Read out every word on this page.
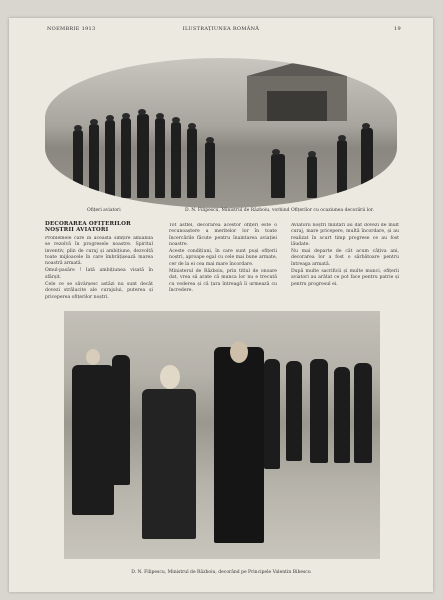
NOEMBRIE 1913	ILUSTRAȚIUNEA ROMÂNĂ	19
Ofițeri aviatori	D. N. Filipescu, Ministrul de Războiu, vorbind Ofițerilor cu ocaziunea decorării lor.
DECORAREA OFIȚERILOR NOȘTRII AVIATORI

Problemele care în această simțire amiabilă se rezolvă în progresele noastre. Spiritul inventiv, plin de curaj și ambițiune, dezvoltă toate mijloacele în care îmbrățișează marea noastră armată.

Omul-pasăre ! Iată ambițiunea visată în sfârșit.

Cele ce se săvârșesc astăzi nu sunt decât dovezi strălucite ale curajului, puterea și priceperea ofițerilor noștri.

Tot astfel, decorarea acestor ofițeri este o recunoaștere a meritelor lor în toate încercările făcute pentru înaintarea aviației noastre.

Aceste condițiuni, în care sunt puși ofițerii noștri, aproape egal cu cele mai bune armate, cer de la ei cea mai mare încordare.

Ministerul de Războiu, prin titlul de onoare dat, vrea să arate că munca lor nu e trecută cu vederea și că țara întreagă îi urmează cu încredere.

Aviatorii noștri militari au dat dovezi de mult curaj, mare pricepere, multă încordare, și au realizat în scurt timp progrese ce au fost lăudate.

Nu mai departe de cât acum câțiva ani, decorarea lor a fost o sărbătoare pentru întreaga armată.

După multe sacrificii și multe munci, ofițerii aviatori au arătat ce pot face pentru patrie și pentru progresul ei.

D. N. Filipescu, Ministrul de Războiu, decorând pe Principele Valentin Bibescu
